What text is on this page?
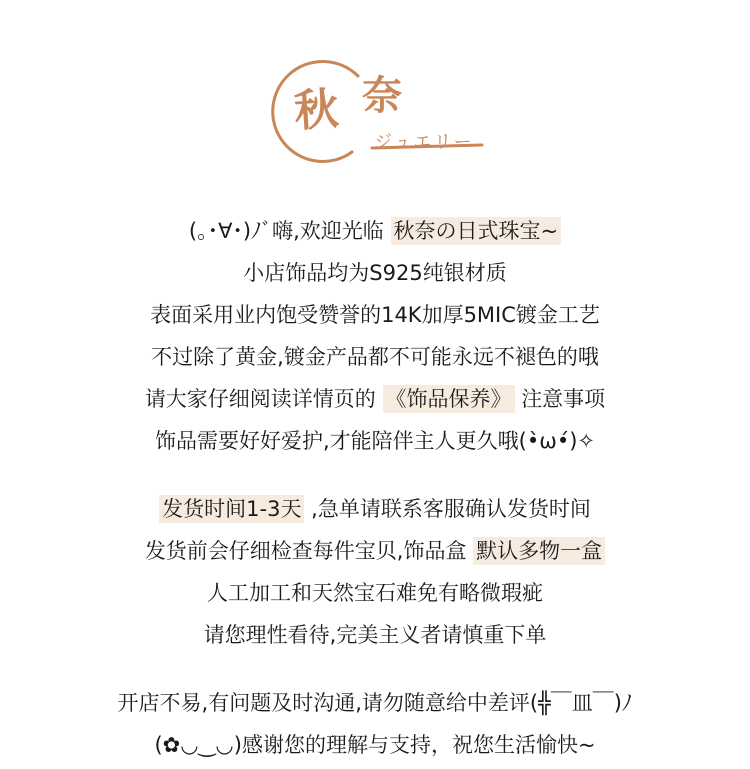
秋 奈
ジュエリー
(｡･∀･)ﾉﾞ嗨,欢迎光临 秋奈の日式珠宝~
小店饰品均为S925纯银材质
表面采用业内饱受赞誉的14K加厚5MIC镀金工艺
不过除了黄金,镀金产品都不可能永远不褪色的哦
请大家仔细阅读详情页的 《饰品保养》 注意事项
饰品需要好好爱护,才能陪伴主人更久哦(•̀ω•́)✧
发货时间1-3天 ,急单请联系客服确认发货时间
发货前会仔细检查每件宝贝,饰品盒 默认多物一盒
人工加工和天然宝石难免有略微瑕疵
请您理性看待,完美主义者请慎重下单
开店不易,有问题及时沟通,请勿随意给中差评(╬￣皿￣)ﾉ
(✿◡‿◡)感谢您的理解与支持，祝您生活愉快~
